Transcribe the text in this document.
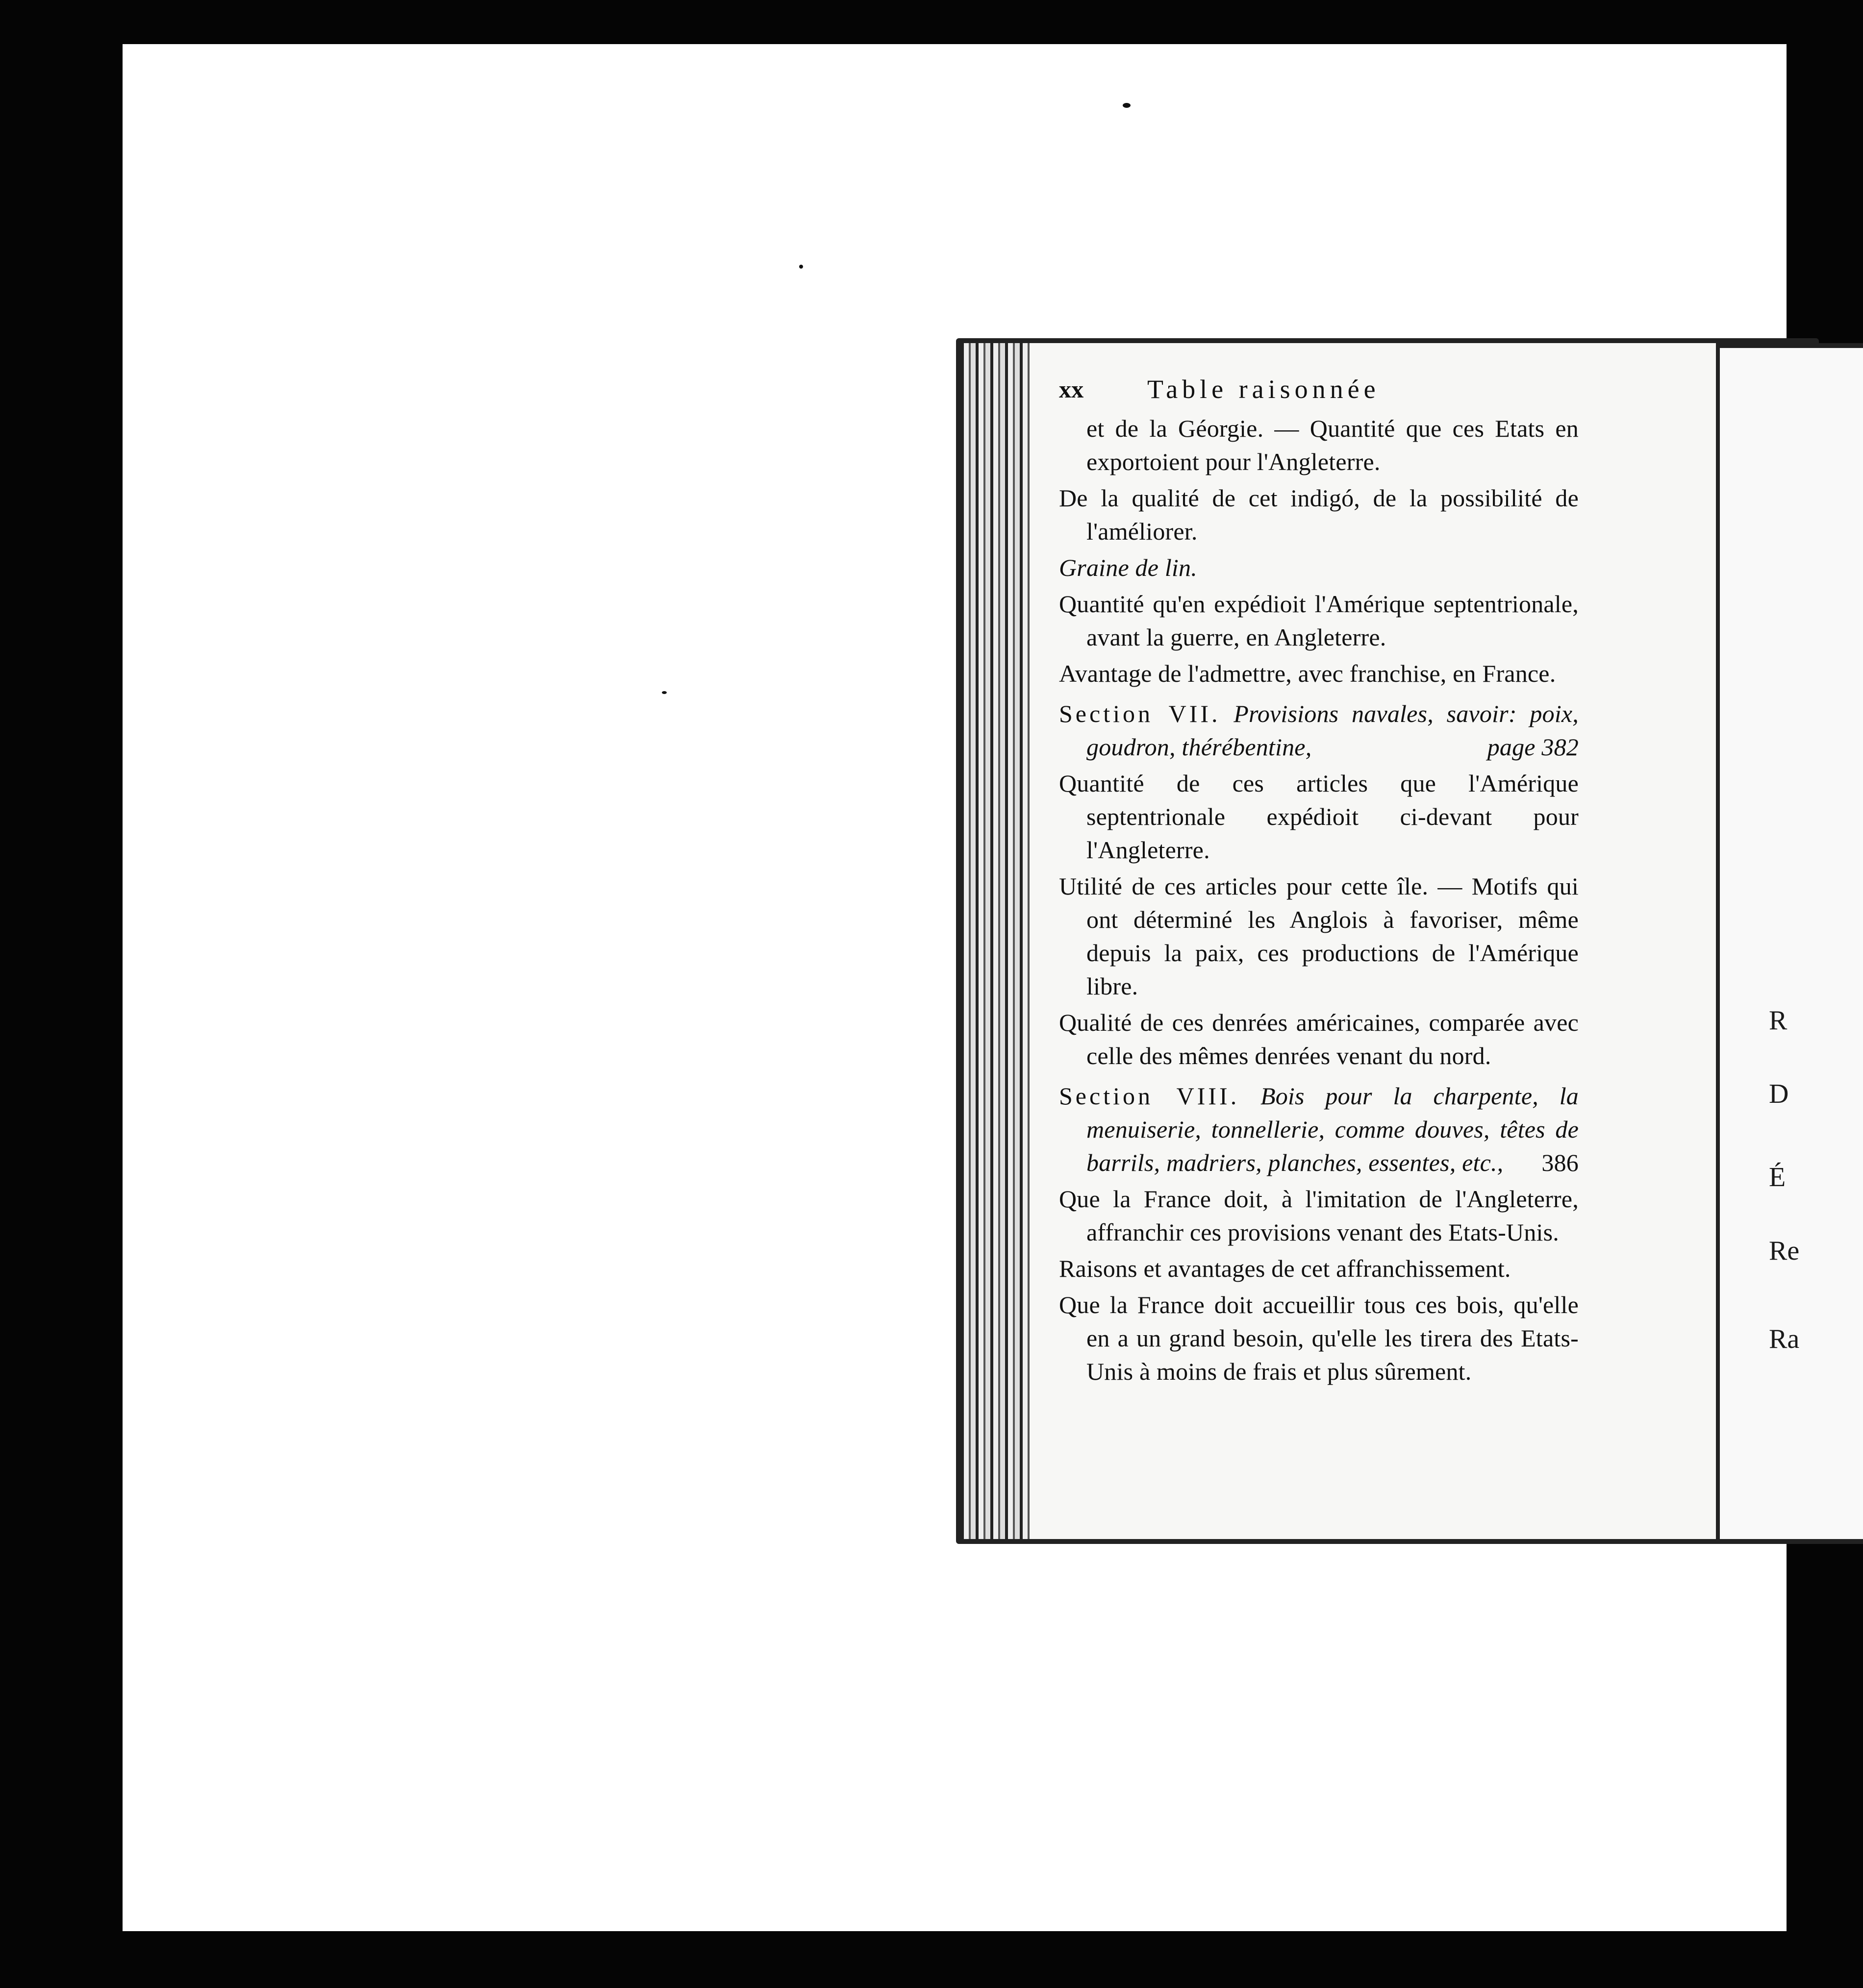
xx Table raisonnée

et de la Géorgie. — Quantité que ces Etats en exportoient pour l'Angleterre.

De la qualité de cet indigó, de la possibilité de l'améliorer.

Graine de lin.

Quantité qu'en expédioit l'Amérique septentrionale, avant la guerre, en Angleterre.

Avantage de l'admettre, avec franchise, en France.

Section VII. Provisions navales, savoir: poix, goudron, thérébentine,	page 382

Quantité de ces articles que l'Amérique septentrionale expédioit ci-devant pour l'Angleterre.

Utilité de ces articles pour cette île. — Motifs qui ont déterminé les Anglois à favoriser, même depuis la paix, ces productions de l'Amérique libre.

Qualité de ces denrées américaines, comparée avec celle des mêmes denrées venant du nord.

Section VIII. Bois pour la charpente, la menuiserie, tonnellerie, comme douves, têtes de barrils, madriers, planches, essentes, etc., 386

Que la France doit, à l'imitation de l'Angleterre, affranchir ces provisions venant des Etats-Unis.

Raisons et avantages de cet affranchissement.

Que la France doit accueillir tous ces bois, qu'elle en a un grand besoin, qu'elle les tirera des Etats-Unis à moins de frais et plus sûrement.

R
D
É
Re
Ra
